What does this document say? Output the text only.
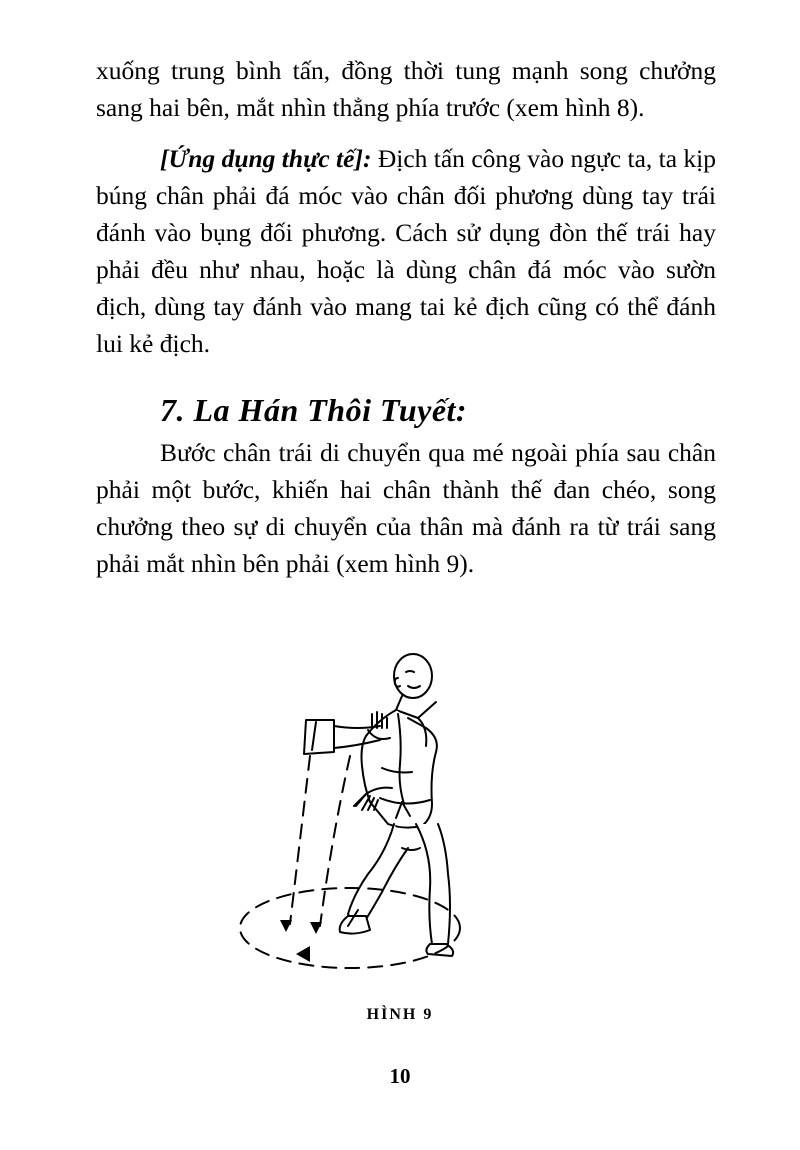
xuống trung bình tấn, đồng thời tung mạnh song chưởng sang hai bên, mắt nhìn thẳng phía trước (xem hình 8).

[Ứng dụng thực tế]: Địch tấn công vào ngực ta, ta kịp búng chân phải đá móc vào chân đối phương dùng tay trái đánh vào bụng đối phương. Cách sử dụng đòn thế trái hay phải đều như nhau, hoặc là dùng chân đá móc vào sườn địch, dùng tay đánh vào mang tai kẻ địch cũng có thể đánh lui kẻ địch.

7. La Hán Thôi Tuyết:

Bước chân trái di chuyển qua mé ngoài phía sau chân phải một bước, khiến hai chân thành thế đan chéo, song chưởng theo sự di chuyển của thân mà đánh ra từ trái sang phải mắt nhìn bên phải (xem hình 9).

HÌNH 9
10
